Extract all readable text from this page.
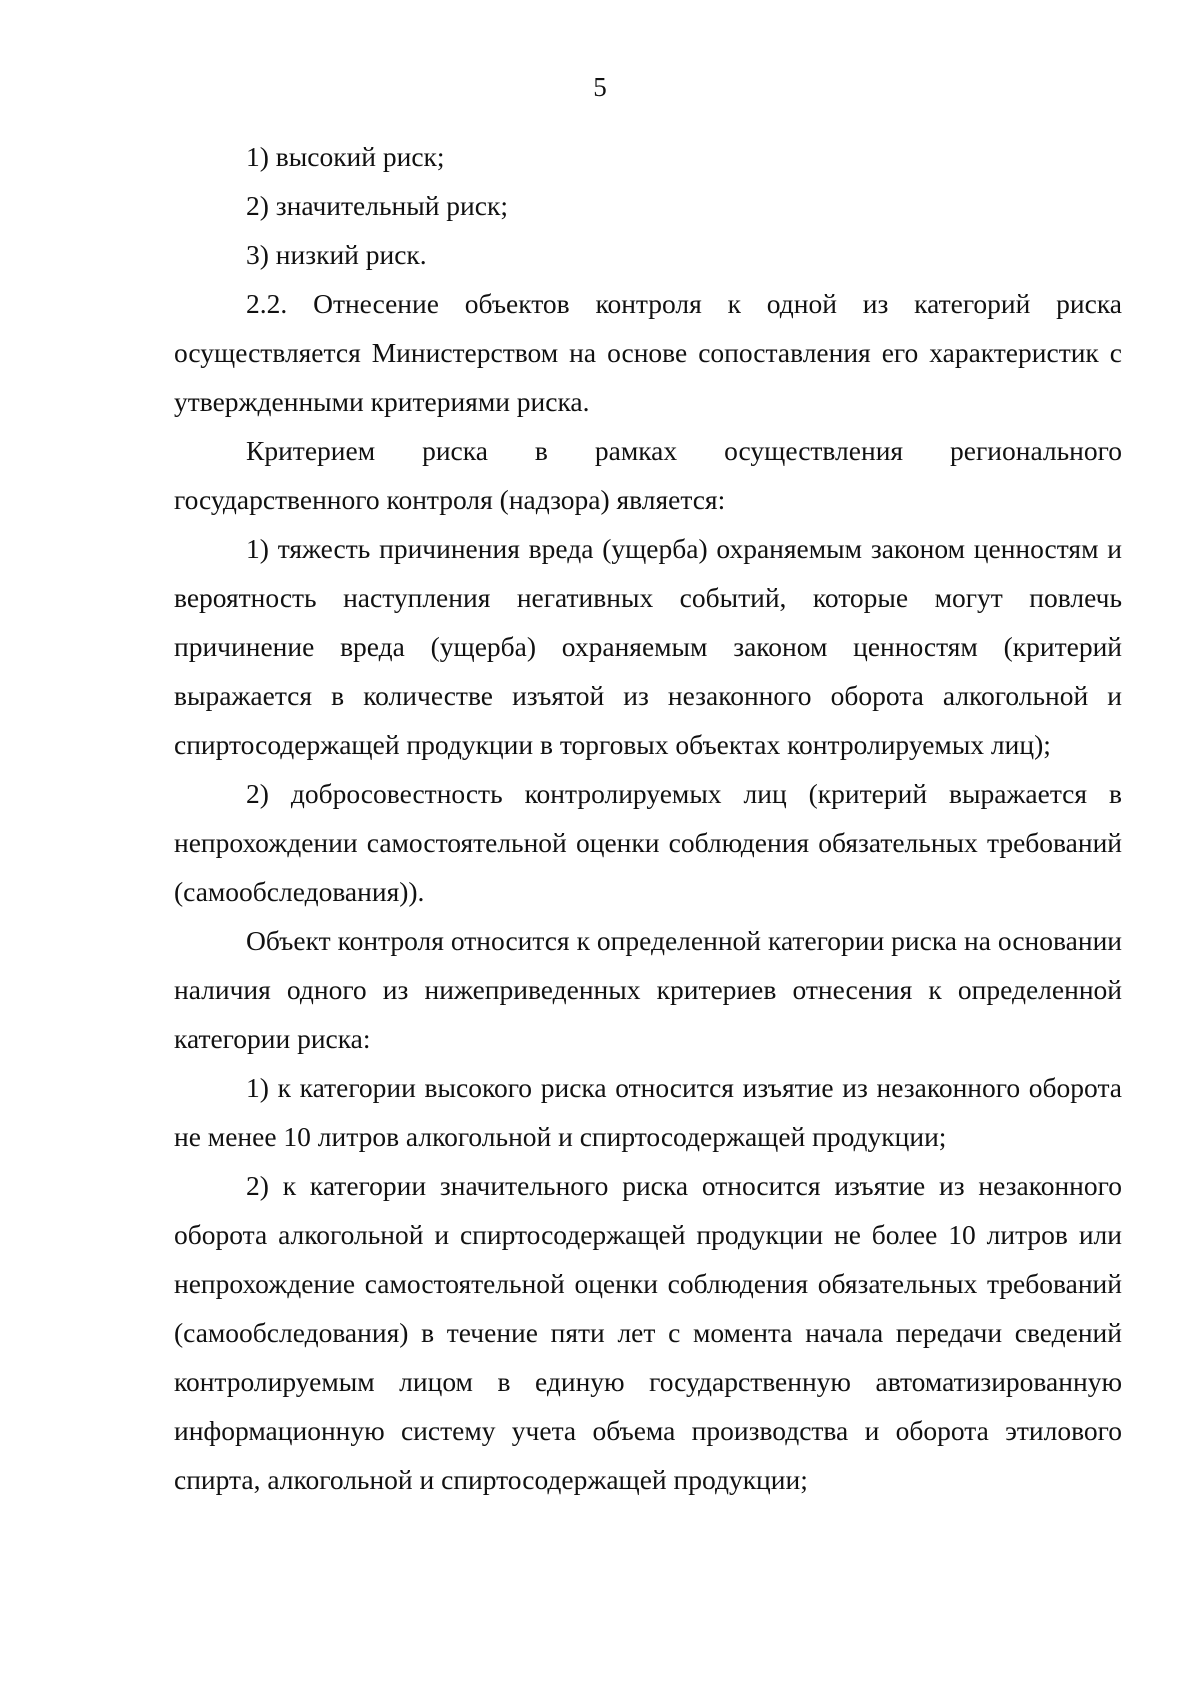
5

1) высокий риск;

2) значительный риск;

3) низкий риск.

2.2. Отнесение объектов контроля к одной из категорий риска осуществляется Министерством на основе сопоставления его характеристик с утвержденными критериями риска.

Критерием риска в рамках осуществления регионального государственного контроля (надзора) является:

1) тяжесть причинения вреда (ущерба) охраняемым законом ценностям и вероятность наступления негативных событий, которые могут повлечь причинение вреда (ущерба) охраняемым законом ценностям (критерий выражается в количестве изъятой из незаконного оборота алкогольной и спиртосодержащей продукции в торговых объектах контролируемых лиц);

2) добросовестность контролируемых лиц (критерий выражается в непрохождении самостоятельной оценки соблюдения обязательных требований (самообследования)).

Объект контроля относится к определенной категории риска на основании наличия одного из нижеприведенных критериев отнесения к определенной категории риска:

1) к категории высокого риска относится изъятие из незаконного оборота не менее 10 литров алкогольной и спиртосодержащей продукции;

2) к категории значительного риска относится изъятие из незаконного оборота алкогольной и спиртосодержащей продукции не более 10 литров или непрохождение самостоятельной оценки соблюдения обязательных требований (самообследования) в течение пяти лет с момента начала передачи сведений контролируемым лицом в единую государственную автоматизированную информационную систему учета объема производства и оборота этилового спирта, алкогольной и спиртосодержащей продукции;
